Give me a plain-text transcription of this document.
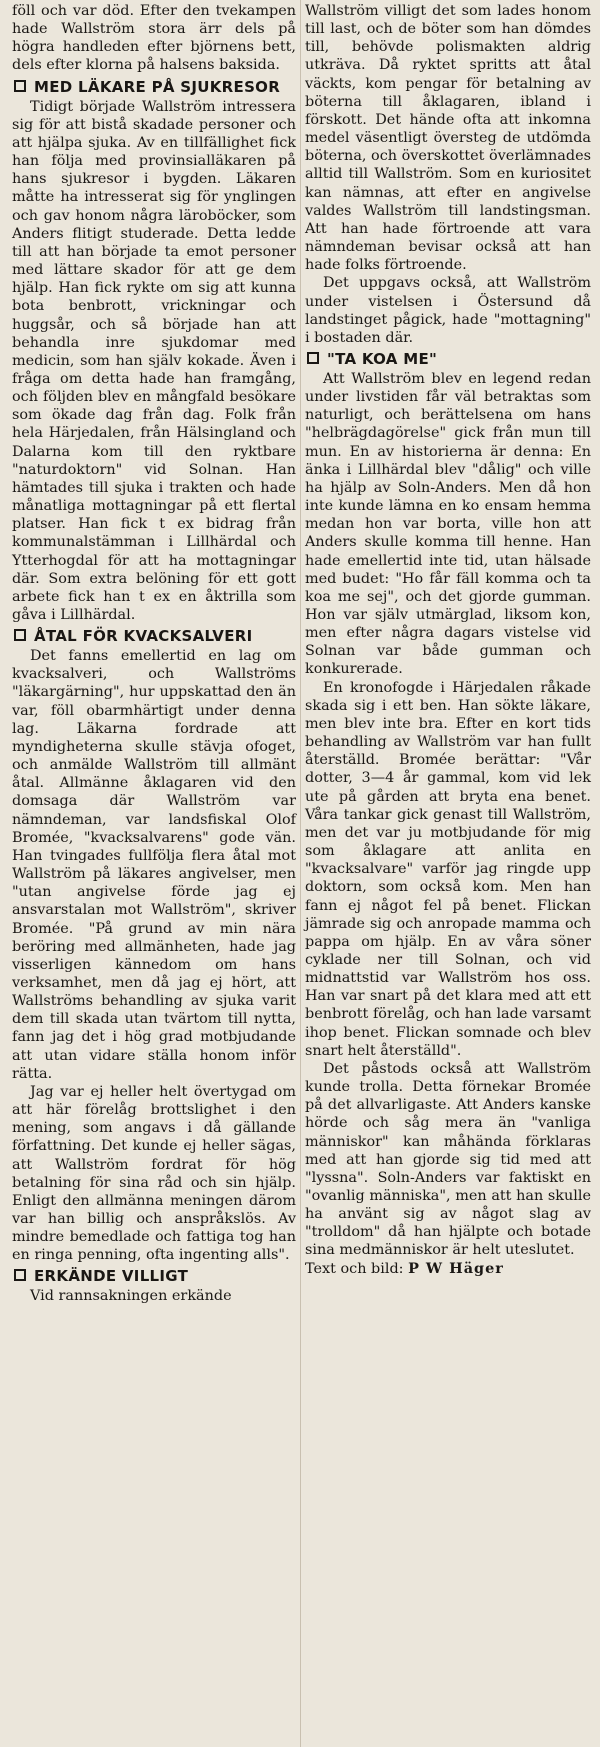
föll och var död. Efter den tvekampen hade Wallström stora ärr dels på högra handleden efter björnens bett, dels efter klorna på halsens baksida.

MED LÄKARE PÅ SJUKRESOR

Tidigt började Wallström intressera sig för att bistå skadade personer och att hjälpa sjuka. Av en tillfällighet fick han följa med provinsialläkaren på hans sjukresor i bygden. Läkaren måtte ha intresserat sig för ynglingen och gav honom några läroböcker, som Anders flitigt studerade. Detta ledde till att han började ta emot personer med lättare skador för att ge dem hjälp. Han fick rykte om sig att kunna bota benbrott, vrickningar och huggsår, och så började han att behandla inre sjukdomar med medicin, som han själv kokade. Även i fråga om detta hade han framgång, och följden blev en mångfald besökare som ökade dag från dag. Folk från hela Härjedalen, från Hälsingland och Dalarna kom till den ryktbare "naturdoktorn" vid Solnan. Han hämtades till sjuka i trakten och hade månatliga mottagningar på ett flertal platser. Han fick t ex bidrag från kommunalstämman i Lillhärdal och Ytterhogdal för att ha mottagningar där. Som extra belöning för ett gott arbete fick han t ex en åktrilla som gåva i Lillhärdal.

ÅTAL FÖR KVACKSALVERI

Det fanns emellertid en lag om kvacksalveri, och Wallströms "läkargärning", hur uppskattad den än var, föll obarmhärtigt under denna lag. Läkarna fordrade att myndigheterna skulle stävja ofoget, och anmälde Wallström till allmänt åtal. Allmänne åklagaren vid den domsaga där Wallström var nämndeman, var landsfiskal Olof Bromée, "kvacksalvarens" gode vän. Han tvingades fullfölja flera åtal mot Wallström på läkares angivelser, men "utan angivelse förde jag ej ansvarstalan mot Wallström", skriver Bromée. "På grund av min nära beröring med allmänheten, hade jag visserligen kännedom om hans verksamhet, men då jag ej hört, att Wallströms behandling av sjuka varit dem till skada utan tvärtom till nytta, fann jag det i hög grad motbjudande att utan vidare ställa honom inför rätta.

Jag var ej heller helt övertygad om att här förelåg brottslighet i den mening, som angavs i då gällande författning. Det kunde ej heller sägas, att Wallström fordrat för hög betalning för sina råd och sin hjälp. Enligt den allmänna meningen därom var han billig och anspråkslös. Av mindre bemedlade och fattiga tog han en ringa penning, ofta ingenting alls".

ERKÄNDE VILLIGT

Vid rannsakningen erkände

Wallström villigt det som lades honom till last, och de böter som han dömdes till, behövde polismakten aldrig utkräva. Då ryktet spritts att åtal väckts, kom pengar för betalning av böterna till åklagaren, ibland i förskott. Det hände ofta att inkomna medel väsentligt översteg de utdömda böterna, och överskottet överlämnades alltid till Wallström. Som en kuriositet kan nämnas, att efter en angivelse valdes Wallström till landstingsman. Att han hade förtroende att vara nämndeman bevisar också att han hade folks förtroende.

Det uppgavs också, att Wallström under vistelsen i Östersund då landstinget pågick, hade "mottagning" i bostaden där.

"TA KOA ME"

Att Wallström blev en legend redan under livstiden får väl betraktas som naturligt, och berättelsena om hans "helbrägdagörelse" gick från mun till mun. En av historierna är denna: En änka i Lillhärdal blev "dålig" och ville ha hjälp av Soln-Anders. Men då hon inte kunde lämna en ko ensam hemma medan hon var borta, ville hon att Anders skulle komma till henne. Han hade emellertid inte tid, utan hälsade med budet: "Ho får fäll komma och ta koa me sej", och det gjorde gumman. Hon var själv utmärglad, liksom kon, men efter några dagars vistelse vid Solnan var både gumman och konkurerade.

En kronofogde i Härjedalen råkade skada sig i ett ben. Han sökte läkare, men blev inte bra. Efter en kort tids behandling av Wallström var han fullt återställd. Bromée berättar: "Vår dotter, 3—4 år gammal, kom vid lek ute på gården att bryta ena benet. Våra tankar gick genast till Wallström, men det var ju motbjudande för mig som åklagare att anlita en "kvacksalvare" varför jag ringde upp doktorn, som också kom. Men han fann ej något fel på benet. Flickan jämrade sig och anropade mamma och pappa om hjälp. En av våra söner cyklade ner till Solnan, och vid midnattstid var Wallström hos oss. Han var snart på det klara med att ett benbrott förelåg, och han lade varsamt ihop benet. Flickan somnade och blev snart helt återställd".

Det påstods också att Wallström kunde trolla. Detta förnekar Bromée på det allvarligaste. Att Anders kanske hörde och såg mera än "vanliga människor" kan måhända förklaras med att han gjorde sig tid med att "lyssna". Soln-Anders var faktiskt en "ovanlig människa", men att han skulle ha använt sig av något slag av "trolldom" då han hjälpte och botade sina medmänniskor är helt uteslutet.

Text och bild: P W Häger
